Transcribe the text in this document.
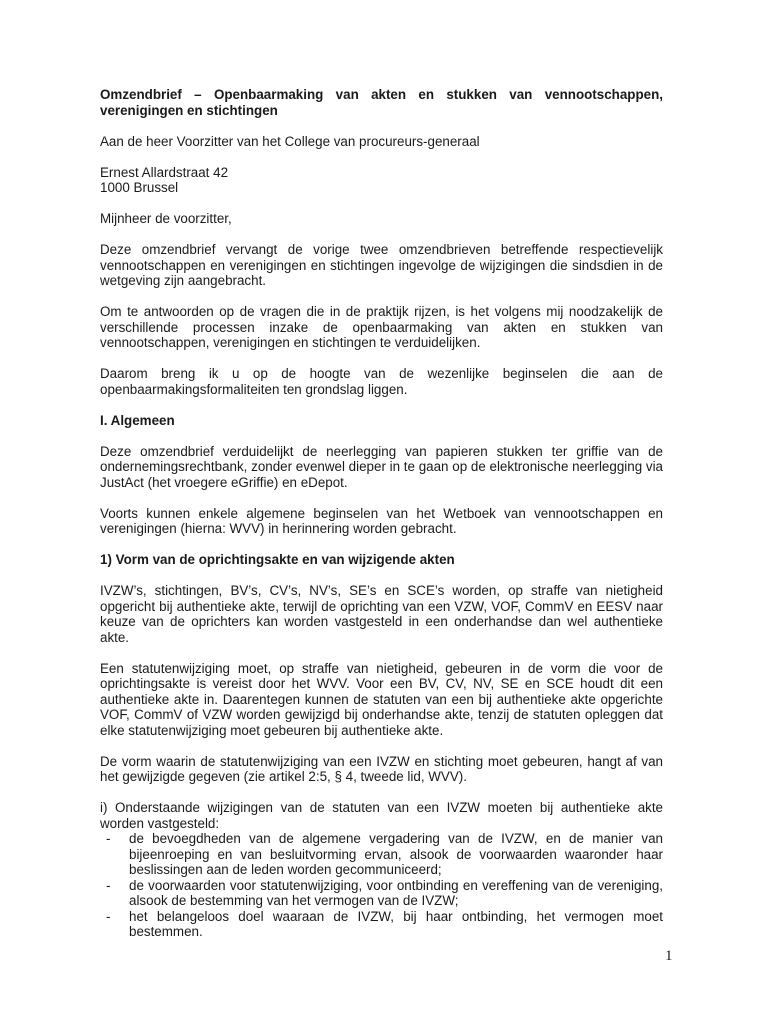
Omzendbrief – Openbaarmaking van akten en stukken van vennootschappen, verenigingen en stichtingen

Aan de heer Voorzitter van het College van procureurs-generaal

Ernest Allardstraat 42

1000 Brussel

Mijnheer de voorzitter,

Deze omzendbrief vervangt de vorige twee omzendbrieven betreffende respectievelijk vennootschappen en verenigingen en stichtingen ingevolge de wijzigingen die sindsdien in de wetgeving zijn aangebracht.

Om te antwoorden op de vragen die in de praktijk rijzen, is het volgens mij noodzakelijk de verschillende processen inzake de openbaarmaking van akten en stukken van vennootschappen, verenigingen en stichtingen te verduidelijken.

Daarom breng ik u op de hoogte van de wezenlijke beginselen die aan de openbaarmakingsformaliteiten ten grondslag liggen.

I. Algemeen

Deze omzendbrief verduidelijkt de neerlegging van papieren stukken ter griffie van de ondernemingsrechtbank, zonder evenwel dieper in te gaan op de elektronische neerlegging via JustAct (het vroegere eGriffie) en eDepot.

Voorts kunnen enkele algemene beginselen van het Wetboek van vennootschappen en verenigingen (hierna: WVV) in herinnering worden gebracht.

1) Vorm van de oprichtingsakte en van wijzigende akten

IVZW’s, stichtingen, BV’s, CV’s, NV’s, SE’s en SCE’s worden, op straffe van nietigheid opgericht bij authentieke akte, terwijl de oprichting van een VZW, VOF, CommV en EESV naar keuze van de oprichters kan worden vastgesteld in een onderhandse dan wel authentieke akte.

Een statutenwijziging moet, op straffe van nietigheid, gebeuren in de vorm die voor de oprichtingsakte is vereist door het WVV. Voor een BV, CV, NV, SE en SCE houdt dit een authentieke akte in. Daarentegen kunnen de statuten van een bij authentieke akte opgerichte VOF, CommV of VZW worden gewijzigd bij onderhandse akte, tenzij de statuten opleggen dat elke statutenwijziging moet gebeuren bij authentieke akte.

De vorm waarin de statutenwijziging van een IVZW en stichting moet gebeuren, hangt af van het gewijzigde gegeven (zie artikel 2:5, § 4, tweede lid, WVV).

i) Onderstaande wijzigingen van de statuten van een IVZW moeten bij authentieke akte worden vastgesteld:

- de bevoegdheden van de algemene vergadering van de IVZW, en de manier van bijeenroeping en van besluitvorming ervan, alsook de voorwaarden waaronder haar beslissingen aan de leden worden gecommuniceerd;
- de voorwaarden voor statutenwijziging, voor ontbinding en vereffening van de vereniging, alsook de bestemming van het vermogen van de IVZW;
- het belangeloos doel waaraan de IVZW, bij haar ontbinding, het vermogen moet bestemmen.
1
